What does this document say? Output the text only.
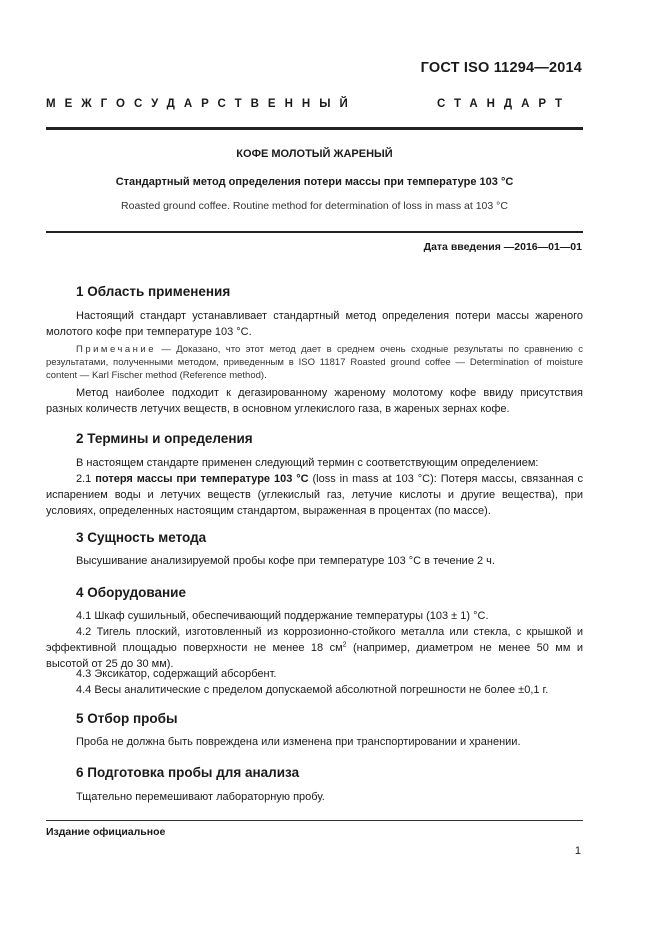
ГОСТ ISO 11294—2014
МЕЖГОСУДАРСТВЕННЫЙ	СТАНДАРТ
КОФЕ МОЛОТЫЙ ЖАРЕНЫЙ
Стандартный метод определения потери массы при температуре 103 °С
Roasted ground coffee. Routine method for determination of loss in mass at 103 °С
Дата введения —2016—01—01
1 Область применения
Настоящий стандарт устанавливает стандартный метод определения потери массы жареного молотого кофе при температуре 103 °С.
Примечание — Доказано, что этот метод дает в среднем очень сходные результаты по сравнению с результатами, полученными методом, приведенным в ISO 11817 Roasted ground coffee — Determination of moisture content — Karl Fischer method (Reference method).
Метод наиболее подходит к дегазированному жареному молотому кофе ввиду присутствия разных количеств летучих веществ, в основном углекислого газа, в жареных зернах кофе.
2 Термины и определения
В настоящем стандарте применен следующий термин с соответствующим определением:
2.1 потеря массы при температуре 103 °С (loss in mass at 103 °С): Потеря массы, связанная с испарением воды и летучих веществ (углекислый газ, летучие кислоты и другие вещества), при условиях, определенных настоящим стандартом, выраженная в процентах (по массе).
3 Сущность метода
Высушивание анализируемой пробы кофе при температуре 103 °С в течение 2 ч.
4 Оборудование
4.1 Шкаф сушильный, обеспечивающий поддержание температуры (103 ± 1) °С.
4.2 Тигель плоский, изготовленный из коррозионно-стойкого металла или стекла, с крышкой и эффективной площадью поверхности не менее 18 $см^2$ (например, диаметром не менее 50 мм и высотой от 25 до 30 мм).
4.3 Эксикатор, содержащий абсорбент.
4.4 Весы аналитические с пределом допускаемой абсолютной погрешности не более ±0,1 г.
5 Отбор пробы
Проба не должна быть повреждена или изменена при транспортировании и хранении.
6 Подготовка пробы для анализа
Тщательно перемешивают лабораторную пробу.
Издание официальное
1
